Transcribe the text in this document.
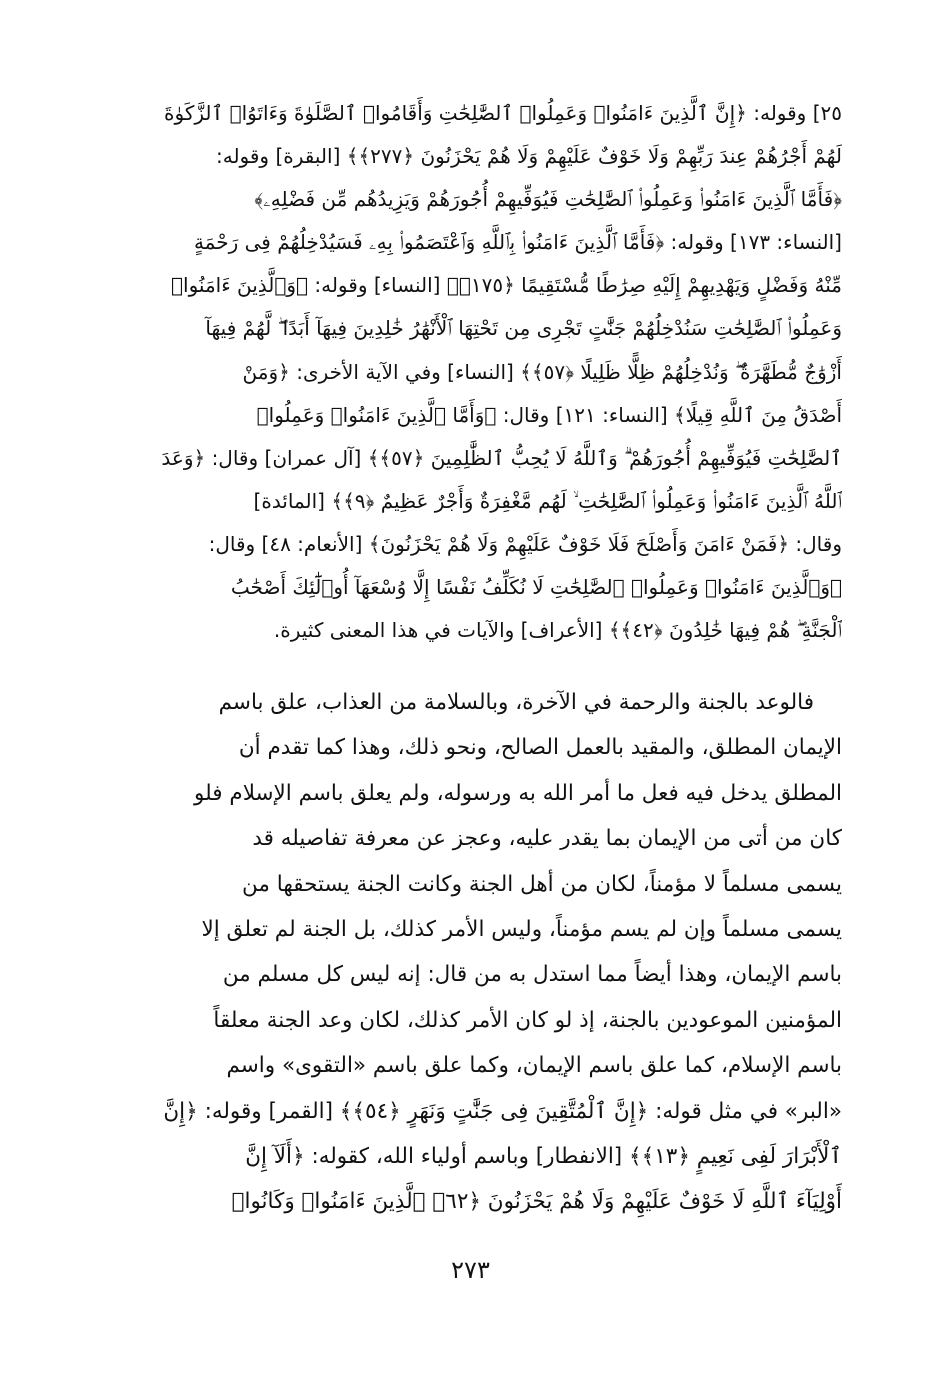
٢٥] وقوله: ﴿إِنَّ ٱلَّذِينَ ءَامَنُوا۟ وَعَمِلُوا۟ ٱلصَّٰلِحَٰتِ وَأَقَامُوا۟ ٱلصَّلَوٰةَ وَءَاتَوُا۟ ٱلزَّكَوٰةَ
لَهُمْ أَجْرُهُمْ عِندَ رَبِّهِمْ وَلَا خَوْفٌ عَلَيْهِمْ وَلَا هُمْ يَحْزَنُونَ ﴿٢٧٧﴾﴾ [البقرة] وقوله:
﴿فَأَمَّا ٱلَّذِينَ ءَامَنُوا۟ وَعَمِلُوا۟ ٱلصَّٰلِحَٰتِ فَيُوَفِّيهِمْ أُجُورَهُمْ وَيَزِيدُهُم مِّن فَضْلِهِۦ﴾
[النساء: ١٧٣] وقوله: ﴿فَأَمَّا ٱلَّذِينَ ءَامَنُوا۟ بِٱللَّهِ وَٱعْتَصَمُوا۟ بِهِۦ فَسَيُدْخِلُهُمْ فِى رَحْمَةٍ
مِّنْهُ وَفَضْلٍ وَيَهْدِيهِمْ إِلَيْهِ صِرَٰطًا مُّسْتَقِيمًا ﴿١٧٥﴾﴾ [النساء] وقوله: ﴿وَٱلَّذِينَ ءَامَنُوا۟
وَعَمِلُوا۟ ٱلصَّٰلِحَٰتِ سَنُدْخِلُهُمْ جَنَّٰتٍ تَجْرِى مِن تَحْتِهَا ٱلْأَنْهَٰرُ خَٰلِدِينَ فِيهَآ أَبَدًا ۖ لَّهُمْ فِيهَآ
أَزْوَٰجٌ مُّطَهَّرَةٌ ۖ وَنُدْخِلُهُمْ ظِلًّا ظَلِيلًا ﴿٥٧﴾﴾ [النساء] وفي الآية الأخرى: ﴿وَمَنْ
أَصْدَقُ مِنَ ٱللَّهِ قِيلًا﴾ [النساء: ١٢١] وقال: ﴿وَأَمَّا ٱلَّذِينَ ءَامَنُوا۟ وَعَمِلُوا۟
ٱلصَّٰلِحَٰتِ فَيُوَفِّيهِمْ أُجُورَهُمْ ۗ وَٱللَّهُ لَا يُحِبُّ ٱلظَّٰلِمِينَ ﴿٥٧﴾﴾ [آل عمران] وقال: ﴿وَعَدَ
ٱللَّهُ ٱلَّذِينَ ءَامَنُوا۟ وَعَمِلُوا۟ ٱلصَّٰلِحَٰتِ ۙ لَهُم مَّغْفِرَةٌ وَأَجْرٌ عَظِيمٌ ﴿٩﴾﴾ [المائدة]
وقال: ﴿فَمَنْ ءَامَنَ وَأَصْلَحَ فَلَا خَوْفٌ عَلَيْهِمْ وَلَا هُمْ يَحْزَنُونَ﴾ [الأنعام: ٤٨] وقال:
﴿وَٱلَّذِينَ ءَامَنُوا۟ وَعَمِلُوا۟ ٱلصَّٰلِحَٰتِ لَا نُكَلِّفُ نَفْسًا إِلَّا وُسْعَهَآ أُو۟لَٰٓئِكَ أَصْحَٰبُ
ٱلْجَنَّةِ ۖ هُمْ فِيهَا خَٰلِدُونَ ﴿٤٢﴾﴾ [الأعراف] والآيات في هذا المعنى كثيرة.
فالوعد بالجنة والرحمة في الآخرة، وبالسلامة من العذاب، علق باسم
الإيمان المطلق، والمقيد بالعمل الصالح، ونحو ذلك، وهذا كما تقدم أن
المطلق يدخل فيه فعل ما أمر الله به ورسوله، ولم يعلق باسم الإسلام فلو
كان من أتى من الإيمان بما يقدر عليه، وعجز عن معرفة تفاصيله قد
يسمى مسلماً لا مؤمناً، لكان من أهل الجنة وكانت الجنة يستحقها من
يسمى مسلماً وإن لم يسم مؤمناً، وليس الأمر كذلك، بل الجنة لم تعلق إلا
باسم الإيمان، وهذا أيضاً مما استدل به من قال: إنه ليس كل مسلم من
المؤمنين الموعودين بالجنة، إذ لو كان الأمر كذلك، لكان وعد الجنة معلقاً
باسم الإسلام، كما علق باسم الإيمان، وكما علق باسم «التقوى» واسم
«البر» في مثل قوله: ﴿إِنَّ ٱلْمُتَّقِينَ فِى جَنَّٰتٍ وَنَهَرٍ ﴿٥٤﴾﴾ [القمر] وقوله: ﴿إِنَّ
ٱلْأَبْرَارَ لَفِى نَعِيمٍ ﴿١٣﴾﴾ [الانفطار] وباسم أولياء الله، كقوله: ﴿أَلَآ إِنَّ
أَوْلِيَآءَ ٱللَّهِ لَا خَوْفٌ عَلَيْهِمْ وَلَا هُمْ يَحْزَنُونَ ﴿٦٢﴾ ٱلَّذِينَ ءَامَنُوا۟ وَكَانُوا۟
٢٧٣
